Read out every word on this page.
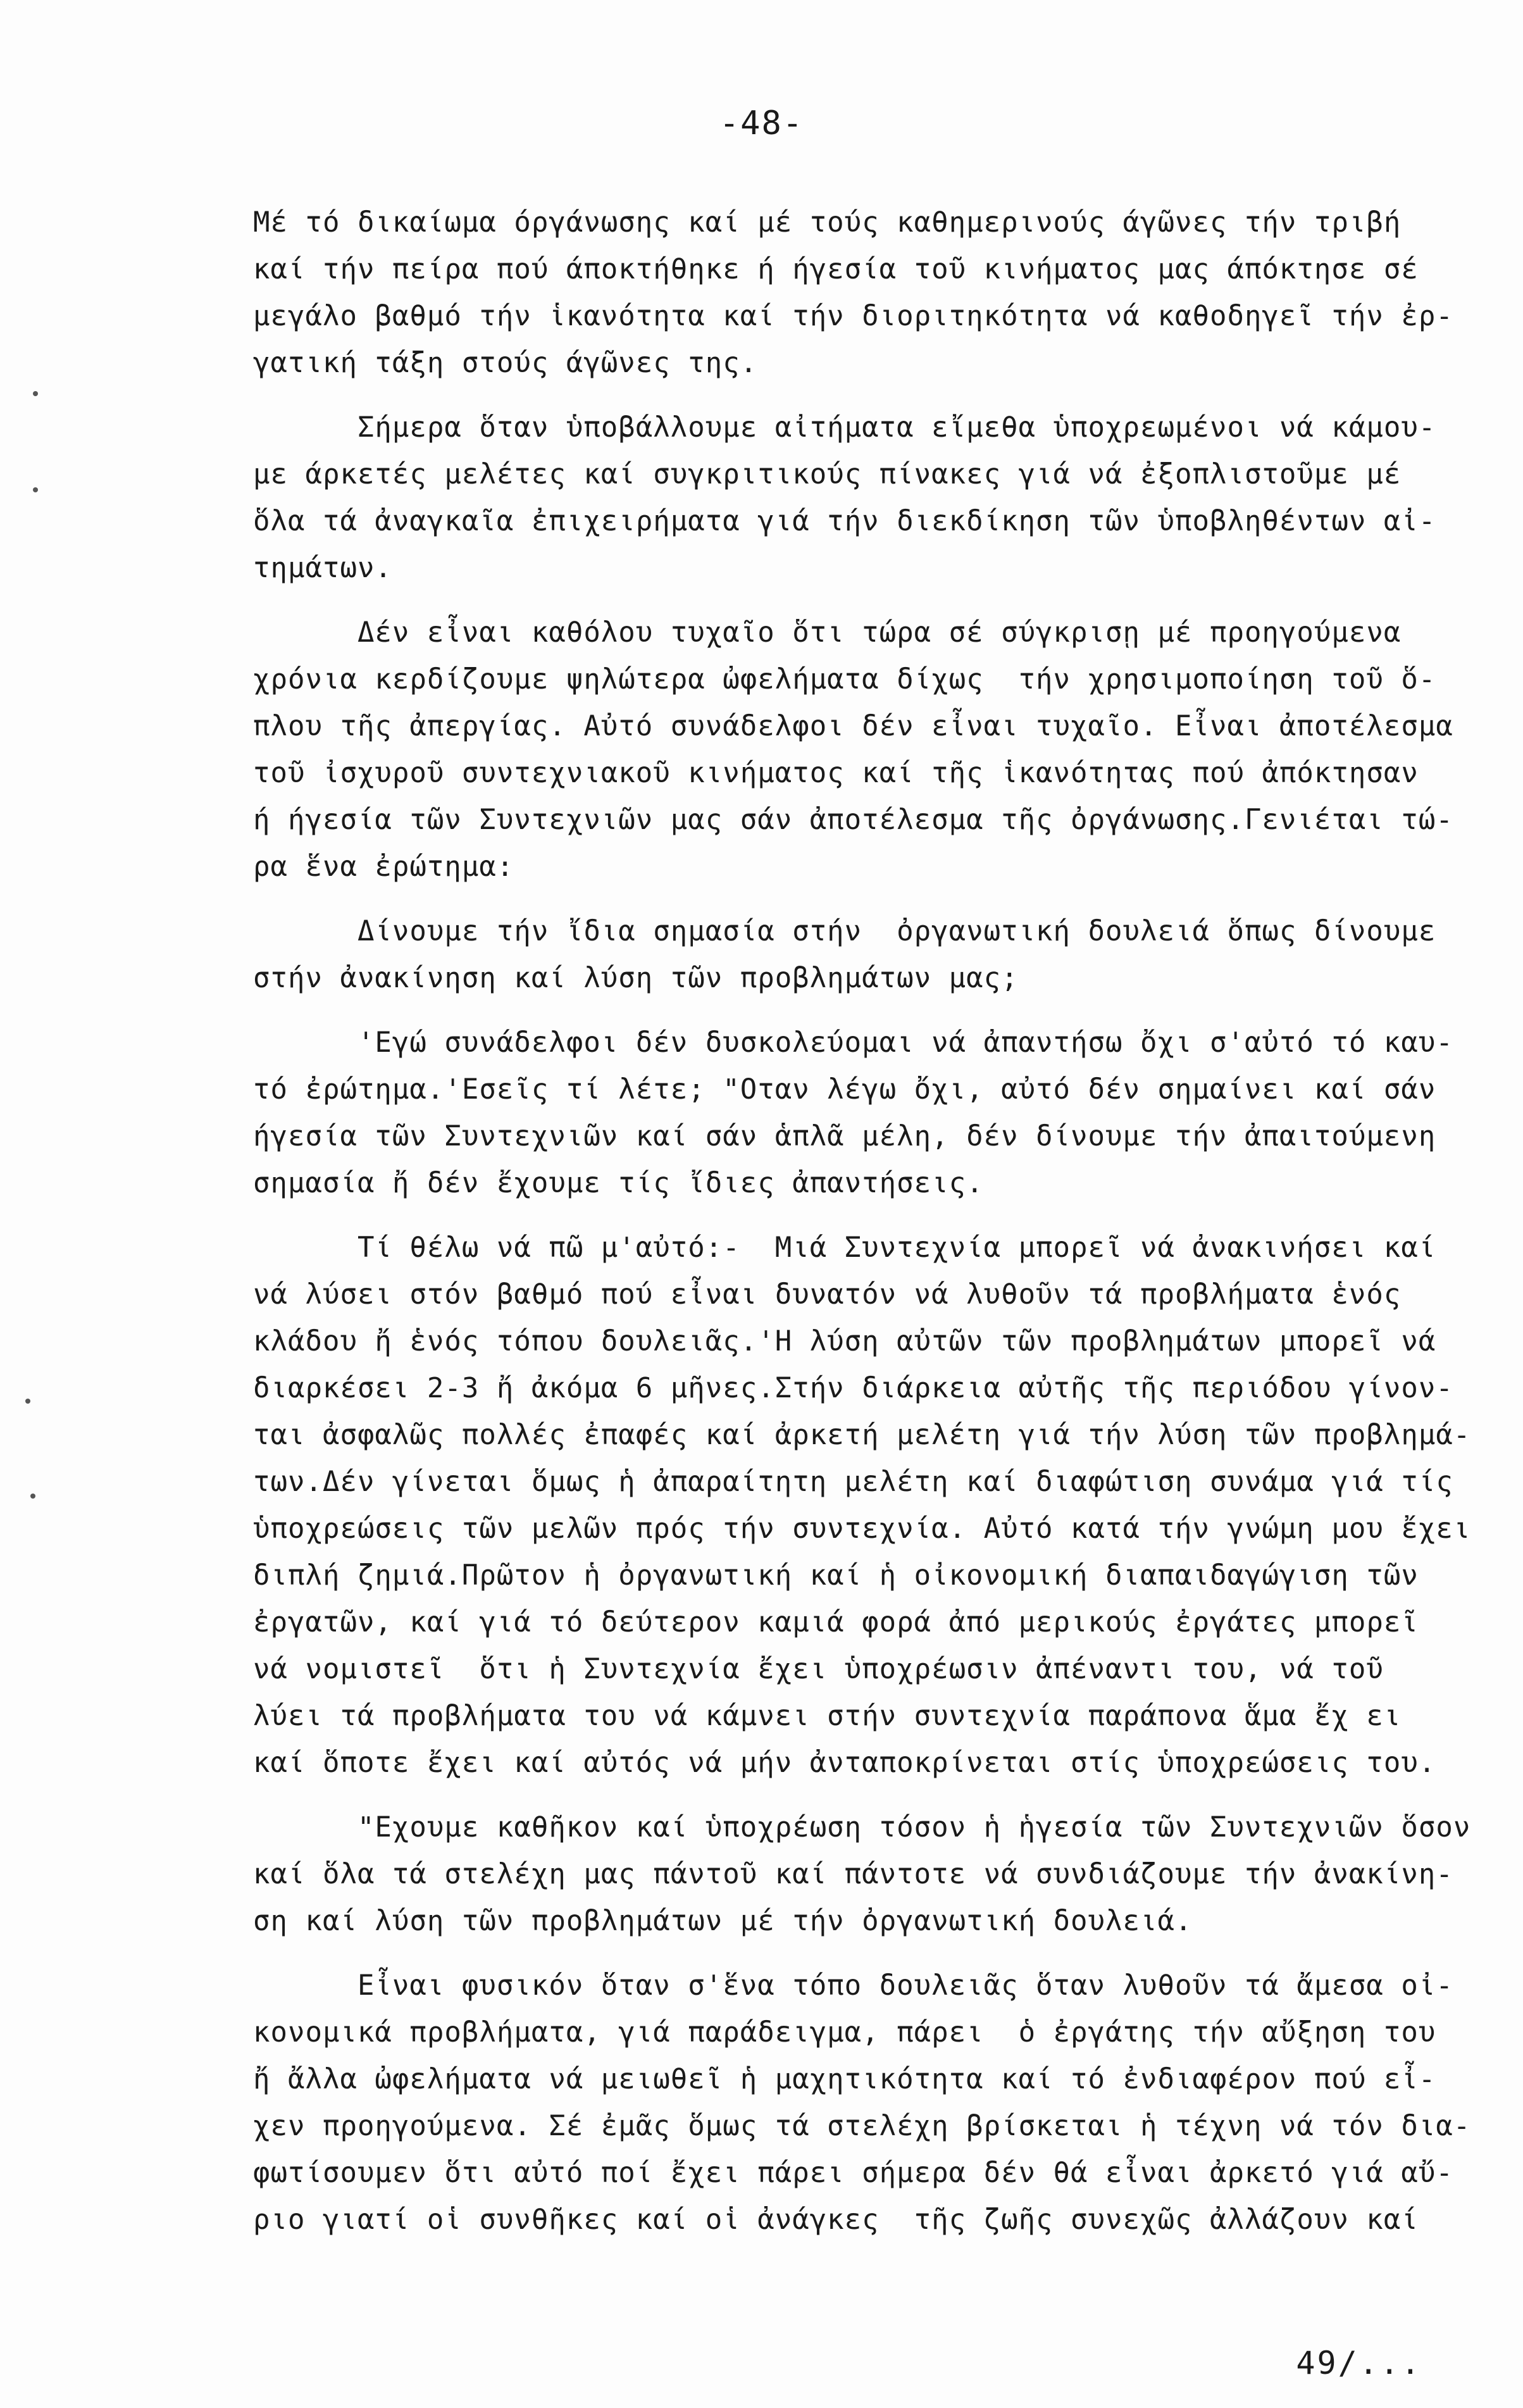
-48-
Μέ τό δικαίωμα όργάνωσης καί μέ τούς καθημερινούς άγῶνες τήν τριβή
καί τήν πείρα πού άποκτήθηκε ή ήγεσία τοῦ κινήματος μας άπόκτησε σέ
μεγάλο βαθμό τήν ἱκανότητα καί τήν διοριτηκότητα νά καθοδηγεῖ τήν ἐρ-
γατική τάξη στούς άγῶνες της.
Σήμερα ὅταν ὑποβάλλουμε αἰτήματα εἴμεθα ὑποχρεωμένοι νά κάμου-
με άρκετές μελέτες καί συγκριτικούς πίνακες γιά νά ἐξοπλιστοῦμε μέ
ὅλα τά ἀναγκαῖα ἐπιχειρήματα γιά τήν διεκδίκηση τῶν ὑποβληθέντων αἰ-
τημάτων.
Δέν εἶναι καθόλου τυχαῖο ὅτι τώρα σέ σύγκρισῃ μέ προηγούμενα
χρόνια κερδίζουμε ψηλώτερα ὠφελήματα δίχως  τήν χρησιμοποίηση τοῦ ὅ-
πλου τῆς ἀπεργίας. Αὐτό συνάδελφοι δέν εἶναι τυχαῖο. Εἶναι ἀποτέλεσμα
τοῦ ἰσχυροῦ συντεχνιακοῦ κινήματος καί τῆς ἱκανότητας πού ἀπόκτησαν
ή ήγεσία τῶν Συντεχνιῶν μας σάν ἀποτέλεσμα τῆς ὀργάνωσης.Γενιέται τώ-
ρα ἕνα ἐρώτημα:
Δίνουμε τήν ἴδια σημασία στήν  ὀργανωτική δουλειά ὅπως δίνουμε
στήν ἀνακίνηση καί λύση τῶν προβλημάτων μας;
'Εγώ συνάδελφοι δέν δυσκολεύομαι νά ἀπαντήσω ὄχι σ'αὐτό τό καυ-
τό ἐρώτημα.'Εσεῖς τί λέτε; "Οταν λέγω ὄχι, αὐτό δέν σημαίνει καί σάν
ήγεσία τῶν Συντεχνιῶν καί σάν ἁπλᾶ μέλη, δέν δίνουμε τήν ἀπαιτούμενη
σημασία ἤ δέν ἔχουμε τίς ἴδιες ἀπαντήσεις.
Τί θέλω νά πῶ μ'αὐτό:-  Μιά Συντεχνία μπορεῖ νά ἀνακινήσει καί
νά λύσει στόν βαθμό πού εἶναι δυνατόν νά λυθοῦν τά προβλήματα ἑνός
κλάδου ἤ ἑνός τόπου δουλειᾶς.'Η λύση αὐτῶν τῶν προβλημάτων μπορεῖ νά
διαρκέσει 2-3 ἤ ἀκόμα 6 μῆνες.Στήν διάρκεια αὐτῆς τῆς περιόδου γίνον-
ται ἀσφαλῶς πολλές ἐπαφές καί ἀρκετή μελέτη γιά τήν λύση τῶν προβλημά-
των.Δέν γίνεται ὅμως ἡ ἀπαραίτητη μελέτη καί διαφώτιση συνάμα γιά τίς
ὑποχρεώσεις τῶν μελῶν πρός τήν συντεχνία. Αὐτό κατά τήν γνώμη μου ἔχει
διπλή ζημιά.Πρῶτον ἡ ὀργανωτική καί ἡ οἰκονομική διαπαιδαγώγιση τῶν
ἐργατῶν, καί γιά τό δεύτερον καμιά φορά ἀπό μερικούς ἐργάτες μπορεῖ
νά νομιστεῖ  ὅτι ἡ Συντεχνία ἔχει ὑποχρέωσιν ἀπέναντι του, νά τοῦ
λύει τά προβλήματα του νά κάμνει στήν συντεχνία παράπονα ἅμα ἔχ ει
καί ὅποτε ἔχει καί αὐτός νά μήν ἀνταποκρίνεται στίς ὑποχρεώσεις του.
"Εχουμε καθῆκον καί ὑποχρέωση τόσον ἡ ἡγεσία τῶν Συντεχνιῶν ὅσον
καί ὅλα τά στελέχη μας πάντοῦ καί πάντοτε νά συνδιάζουμε τήν ἀνακίνη-
ση καί λύση τῶν προβλημάτων μέ τήν ὀργανωτική δουλειά.
Εἶναι φυσικόν ὅταν σ'ἕνα τόπο δουλειᾶς ὅταν λυθοῦν τά ἄμεσα οἰ-
κονομικά προβλήματα, γιά παράδειγμα, πάρει  ὁ ἐργάτης τήν αὔξηση του
ἤ ἄλλα ὠφελήματα νά μειωθεῖ ἡ μαχητικότητα καί τό ἐνδιαφέρον πού εἶ-
χεν προηγούμενα. Σέ ἐμᾶς ὅμως τά στελέχη βρίσκεται ἡ τέχνη νά τόν δια-
φωτίσουμεν ὅτι αὐτό ποί ἔχει πάρει σήμερα δέν θά εἶναι ἀρκετό γιά αὔ-
ριο γιατί οἱ συνθῆκες καί οἱ ἀνάγκες  τῆς ζωῆς συνεχῶς ἀλλάζουν καί
49/...
